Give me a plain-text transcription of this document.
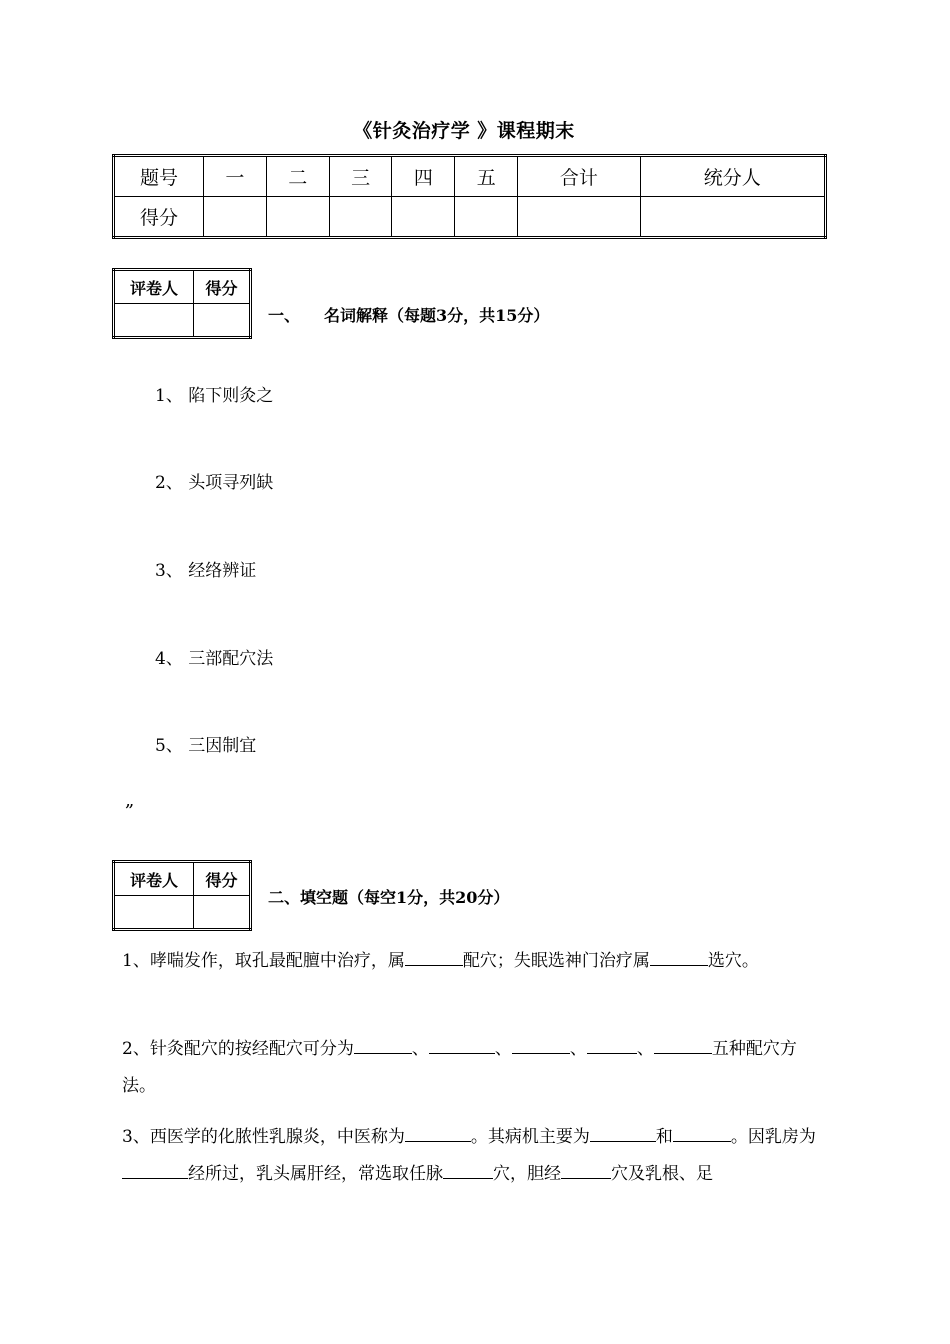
《针灸治疗学 》课程期末
题号	一	二	三	四	五	合计	统分人
得分							
评卷人	得分

一、 名词解释（每题3分，共15分）
1、 陷下则灸之
2、 头项寻列缺
3、 经络辨证
4、 三部配穴法
5、 三因制宜
„
评卷人	得分

二、填空题（每空1分，共20分）
1、哮喘发作，取孔最配膻中治疗，属	配穴；失眠选神门治疗属	选穴。
2、针灸配穴的按经配穴可分为	、	、	、	、	五种配穴方法。
3、西医学的化脓性乳腺炎，中医称为	。其病机主要为	和	。因乳房为经所过，乳头属肝经，常选取任脉	穴，胆经	穴及乳根、足
